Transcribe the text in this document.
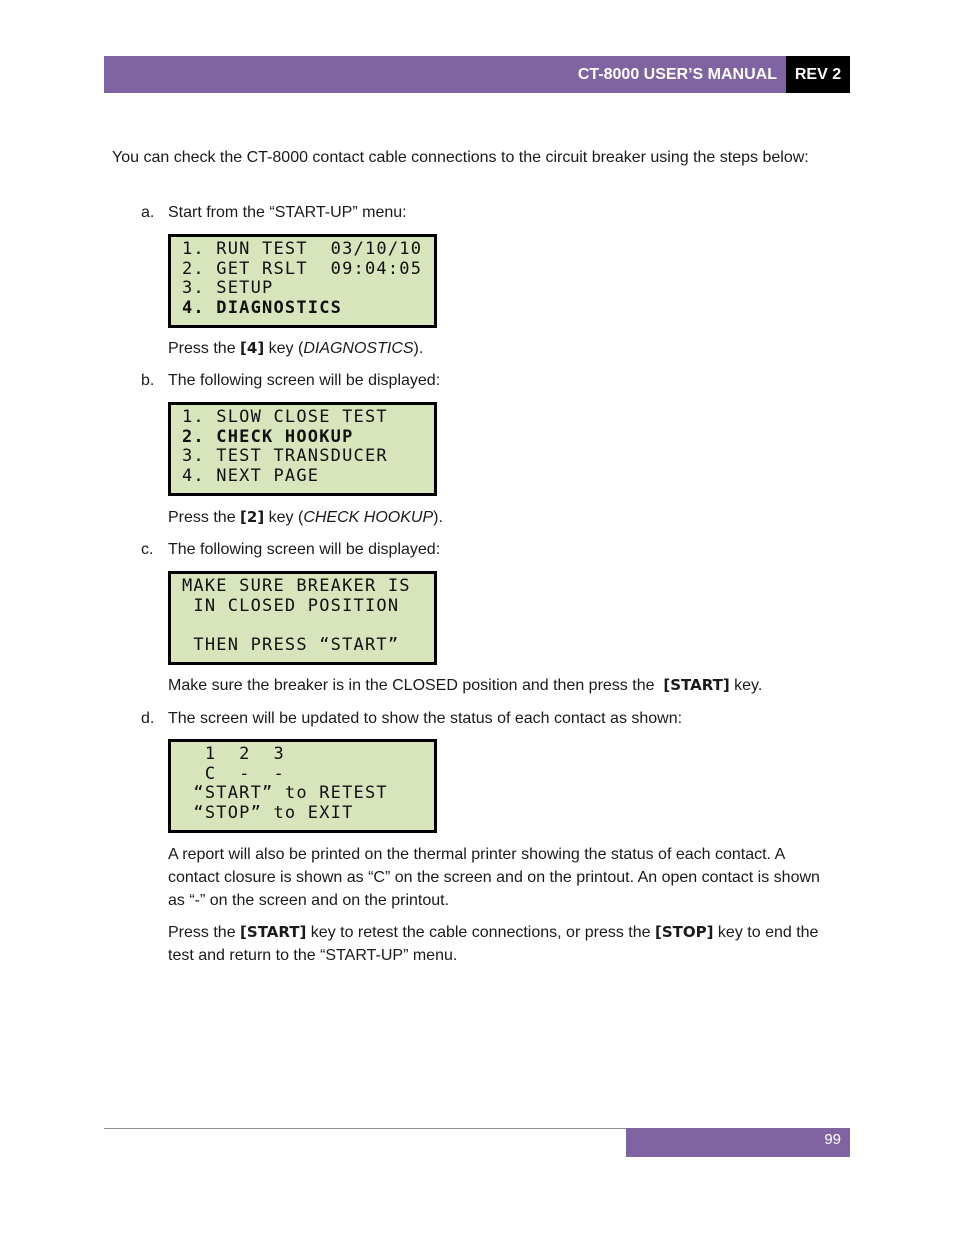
CT-8000 USER’S MANUAL REV 2

You can check the CT-8000 contact cable connections to the circuit breaker using the steps below:

a. Start from the “START-UP” menu:

1. RUN TEST  03/10/10
2. GET RSLT  09:04:05
3. SETUP
4. DIAGNOSTICS

Press the [4] key (DIAGNOSTICS).

b. The following screen will be displayed:

1. SLOW CLOSE TEST
2. CHECK HOOKUP
3. TEST TRANSDUCER
4. NEXT PAGE

Press the [2] key (CHECK HOOKUP).

c. The following screen will be displayed:

MAKE SURE BREAKER IS
IN CLOSED POSITION
THEN PRESS “START”

Make sure the breaker is in the CLOSED position and then press the  [START] key.

d. The screen will be updated to show the status of each contact as shown:

1  2  3
C  -  -
“START” to RETEST
“STOP” to EXIT

A report will also be printed on the thermal printer showing the status of each contact. A contact closure is shown as “C” on the screen and on the printout. An open contact is shown as “-” on the screen and on the printout.

Press the [START] key to retest the cable connections, or press the [STOP] key to end the test and return to the “START-UP” menu.

99
